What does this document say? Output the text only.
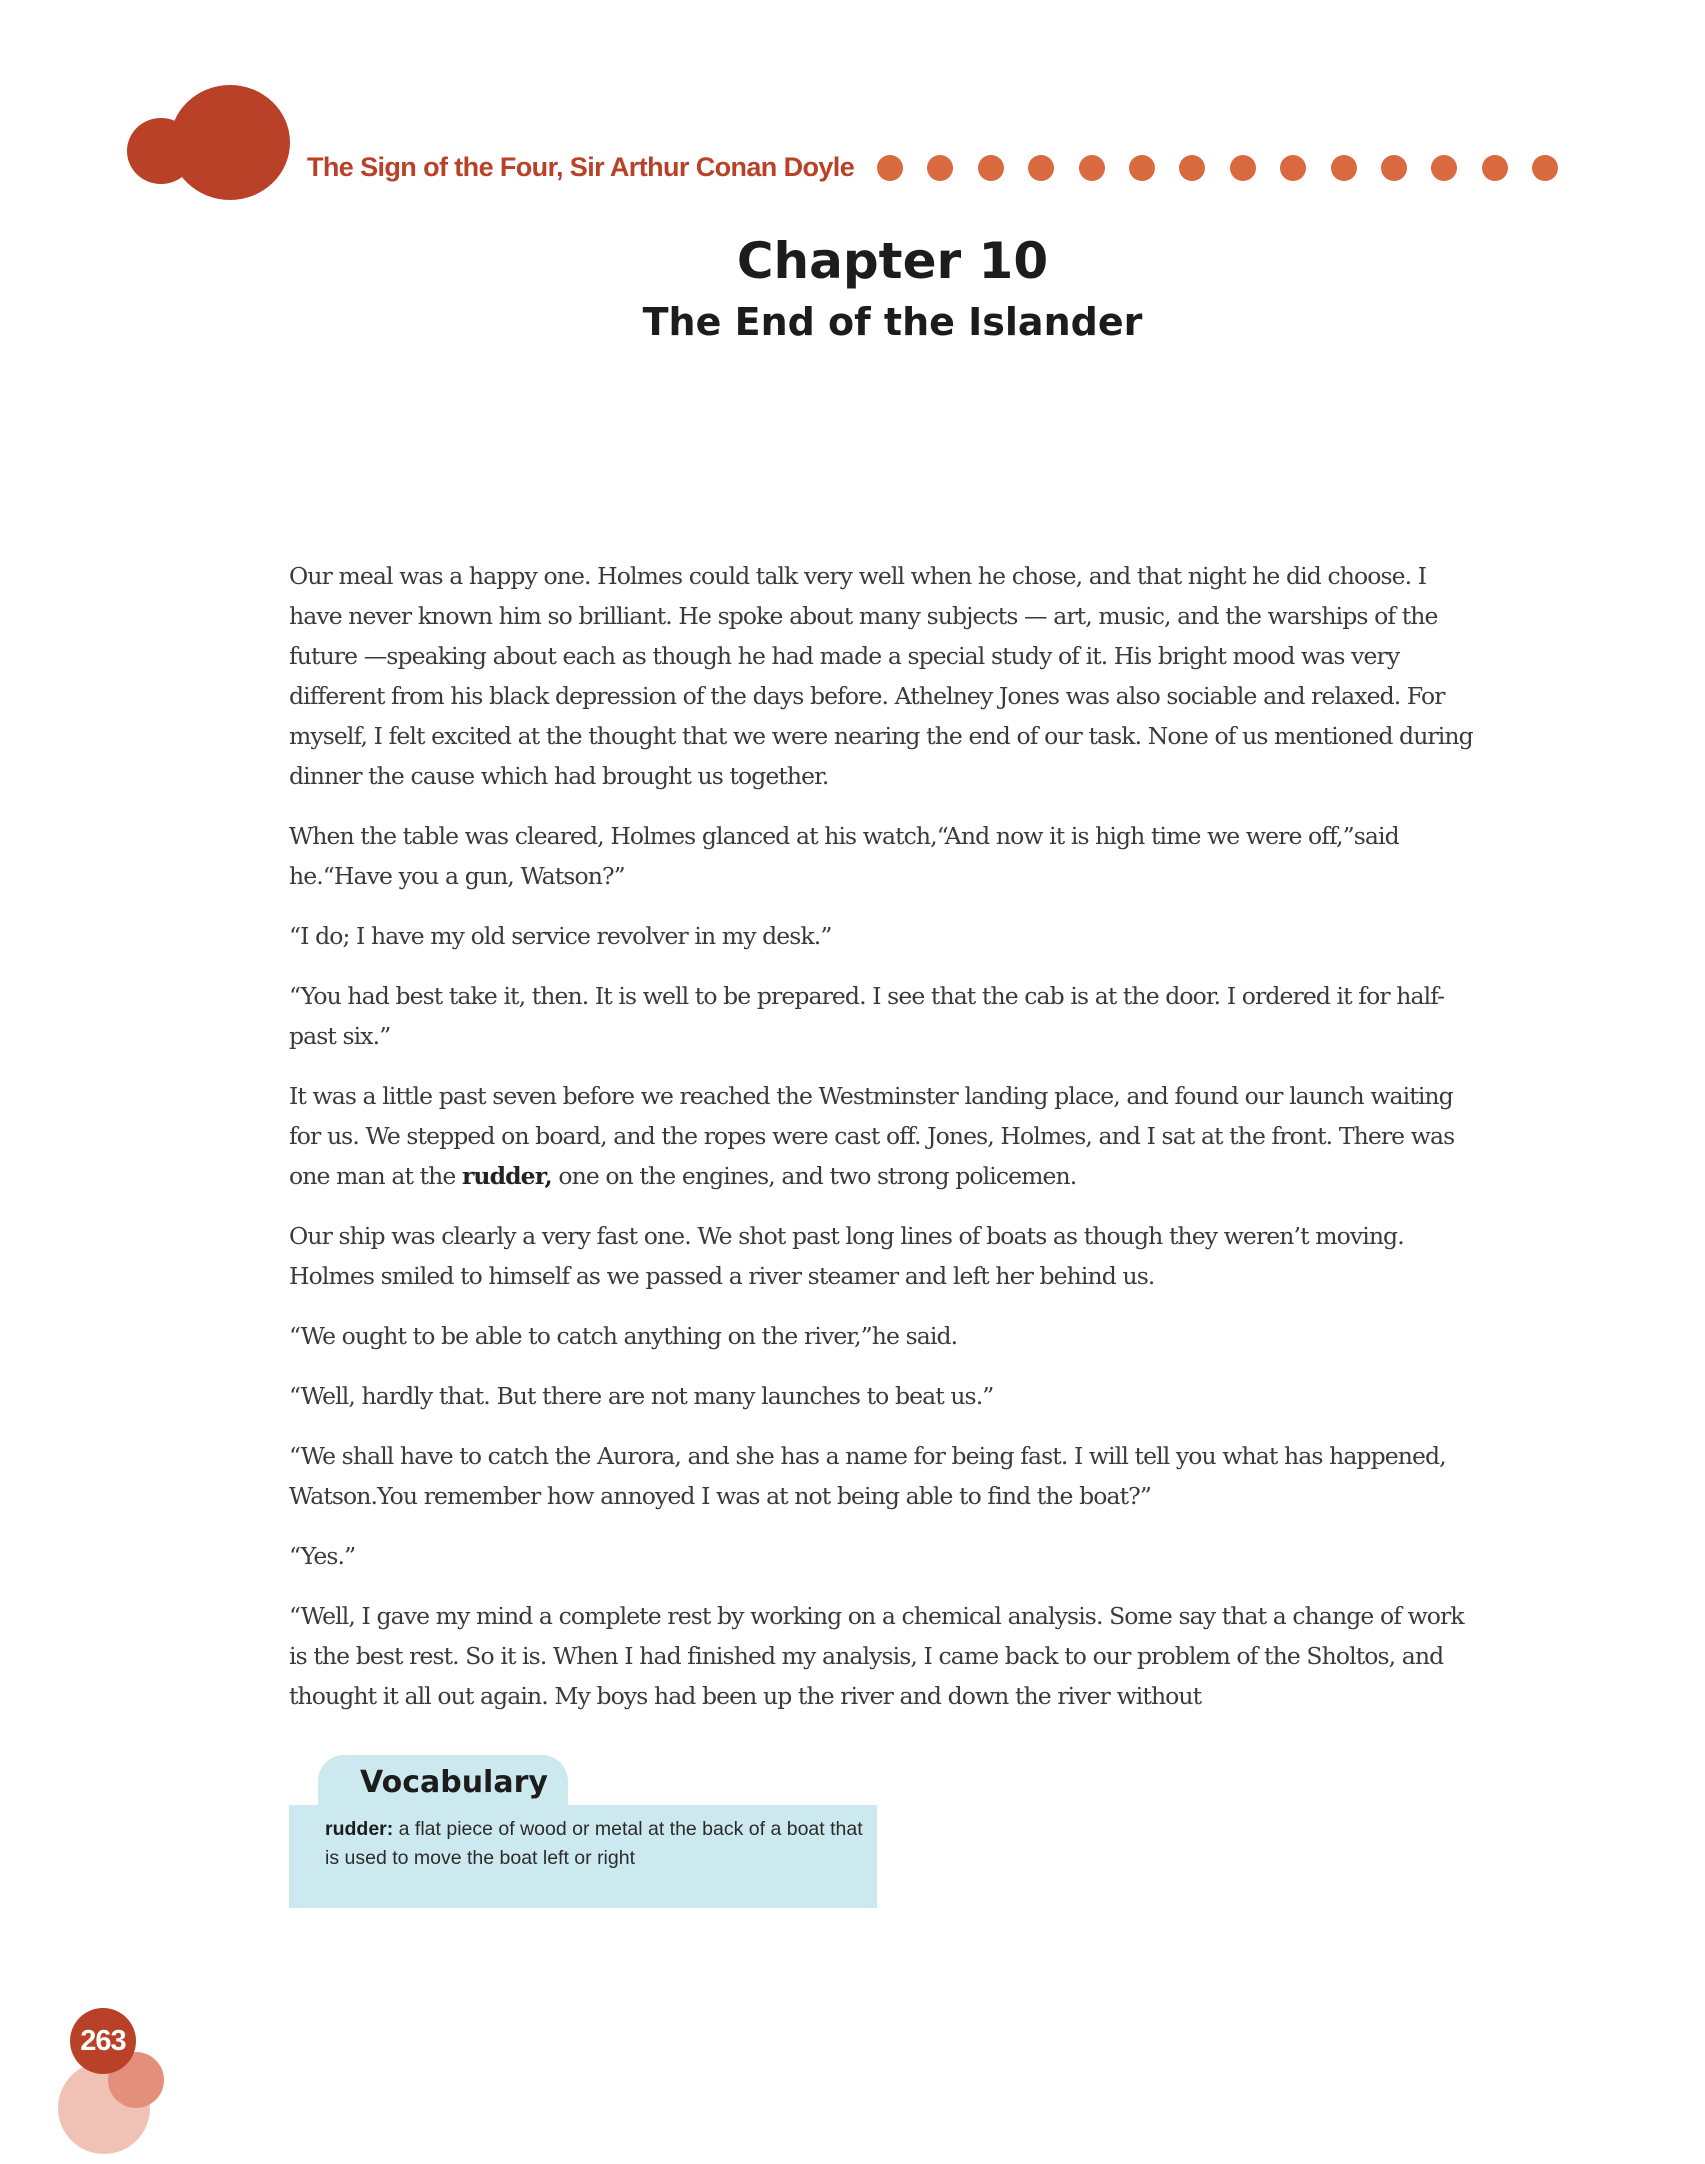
The Sign of the Four, Sir Arthur Conan Doyle
Chapter 10
The End of the Islander

Our meal was a happy one. Holmes could talk very well when he chose, and that night he did choose. I have never known him so brilliant. He spoke about many subjects — art, music, and the warships of the future —speaking about each as though he had made a special study of it. His bright mood was very different from his black depression of the days before. Athelney Jones was also sociable and relaxed. For myself, I felt excited at the thought that we were nearing the end of our task. None of us mentioned during dinner the cause which had brought us together.

When the table was cleared, Holmes glanced at his watch,“And now it is high time we were off,”said he.“Have you a gun, Watson?”

“I do; I have my old service revolver in my desk.”

“You had best take it, then. It is well to be prepared. I see that the cab is at the door. I ordered it for half-past six.”

It was a little past seven before we reached the Westminster landing place, and found our launch waiting for us. We stepped on board, and the ropes were cast off. Jones, Holmes, and I sat at the front. There was one man at the rudder, one on the engines, and two strong policemen.

Our ship was clearly a very fast one. We shot past long lines of boats as though they weren’t moving. Holmes smiled to himself as we passed a river steamer and left her behind us.

“We ought to be able to catch anything on the river,”he said.

“Well, hardly that. But there are not many launches to beat us.”

“We shall have to catch the Aurora, and she has a name for being fast. I will tell you what has happened, Watson.You remember how annoyed I was at not being able to find the boat?”

“Yes.”

“Well, I gave my mind a complete rest by working on a chemical analysis. Some say that a change of work is the best rest. So it is. When I had finished my analysis, I came back to our problem of the Sholtos, and thought it all out again. My boys had been up the river and down the river without

Vocabulary
rudder: a flat piece of wood or metal at the back of a boat that is used to move the boat left or right
263
